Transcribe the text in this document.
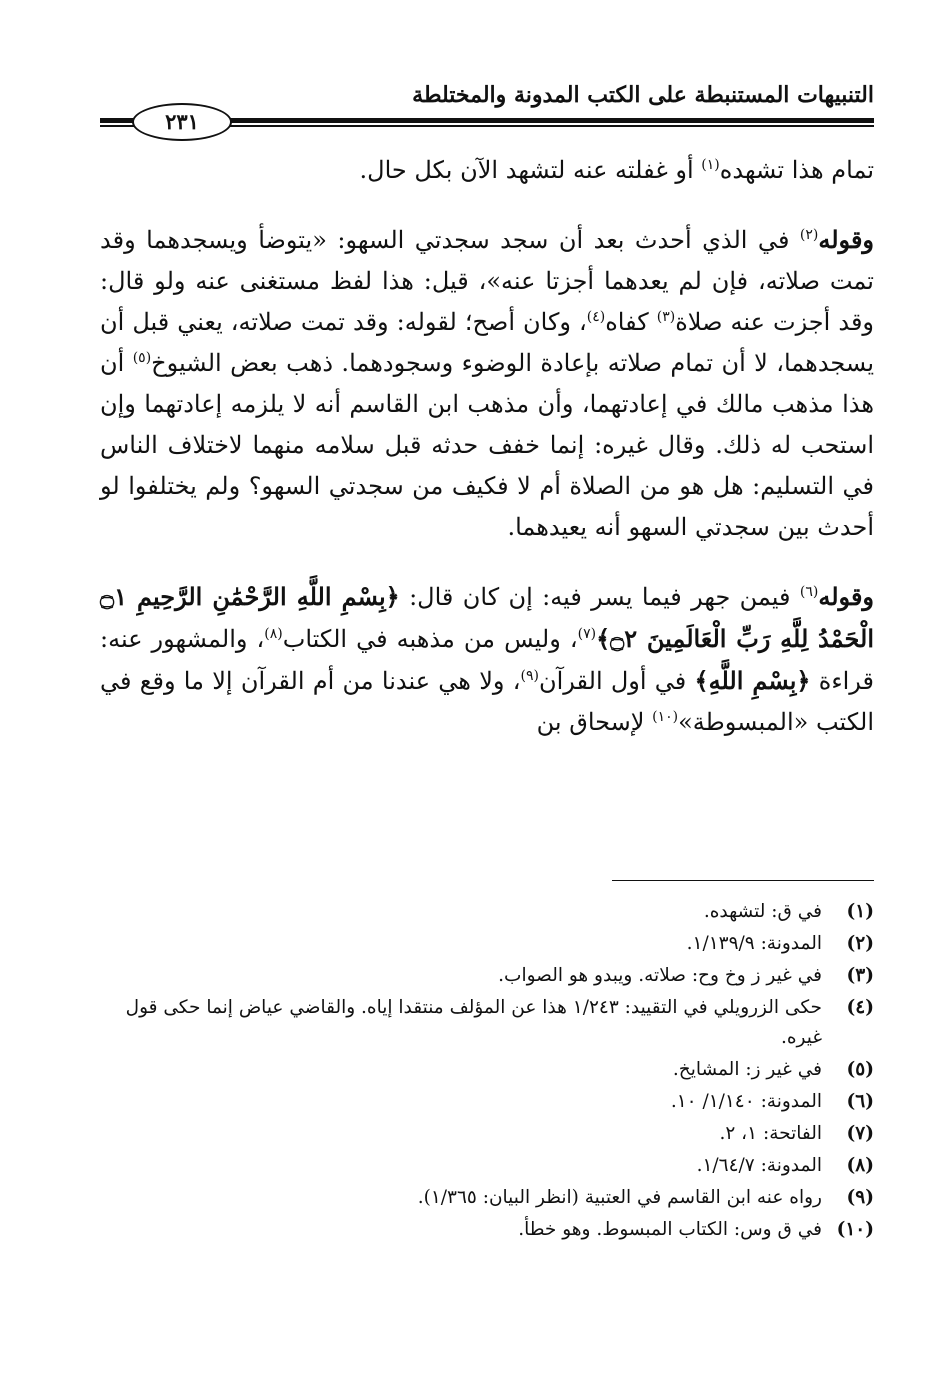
التنبيهات المستنبطة على الكتب المدونة والمختلطة
٢٣١

تمام هذا تشهده$^{(١)}$ أو غفلته عنه لتشهد الآن بكل حال.

وقوله$^{(٢)}$ في الذي أحدث بعد أن سجد سجدتي السهو: «يتوضأ ويسجدهما وقد تمت صلاته، فإن لم يعدهما أجزتا عنه»، قيل: هذا لفظ مستغنى عنه ولو قال: وقد أجزت عنه صلاة$^{(٣)}$ كفاه$^{(٤)}$، وكان أصح؛ لقوله: وقد تمت صلاته، يعني قبل أن يسجدهما، لا أن تمام صلاته بإعادة الوضوء وسجودهما. ذهب بعض الشيوخ$^{(٥)}$ أن هذا مذهب مالك في إعادتهما، وأن مذهب ابن القاسم أنه لا يلزمه إعادتهما وإن استحب له ذلك. وقال غيره: إنما خفف حدثه قبل سلامه منهما لاختلاف الناس في التسليم: هل هو من الصلاة أم لا فكيف من سجدتي السهو؟ ولم يختلفوا لو أحدث بين سجدتي السهو أنه يعيدهما.

وقوله$^{(٦)}$ فيمن جهر فيما يسر فيه: إن كان قال: ﴿بِسْمِ اللَّهِ الرَّحْمَٰنِ الرَّحِيمِ ۝١ الْحَمْدُ لِلَّهِ رَبِّ الْعَالَمِينَ ۝٢﴾$^{(٧)}$، وليس من مذهبه في الكتاب$^{(٨)}$، والمشهور عنه: قراءة ﴿بِسْمِ اللَّهِ﴾ في أول القرآن$^{(٩)}$، ولا هي عندنا من أم القرآن إلا ما وقع في الكتب «المبسوطة»$^{(١٠)}$ لإسحاق بن

(١)
في ق: لتشهده.
(٢)
المدونة: ١/١٣٩/٩.
(٣)
في غير ز وخ وح: صلاته. ويبدو هو الصواب.
(٤)
حكى الزرويلي في التقييد: ١/٢٤٣ هذا عن المؤلف منتقدا إياه. والقاضي عياض إنما حكى قول غيره.
(٥)
في غير ز: المشايخ.
(٦)
المدونة: ١/١٤٠/ ١٠.
(٧)
الفاتحة: ١، ٢.
(٨)
المدونة: ١/٦٤/٧.
(٩)
رواه عنه ابن القاسم في العتبية (انظر البيان: ١/٣٦٥).
(١٠)
في ق وس: الكتاب المبسوط. وهو خطأ.
